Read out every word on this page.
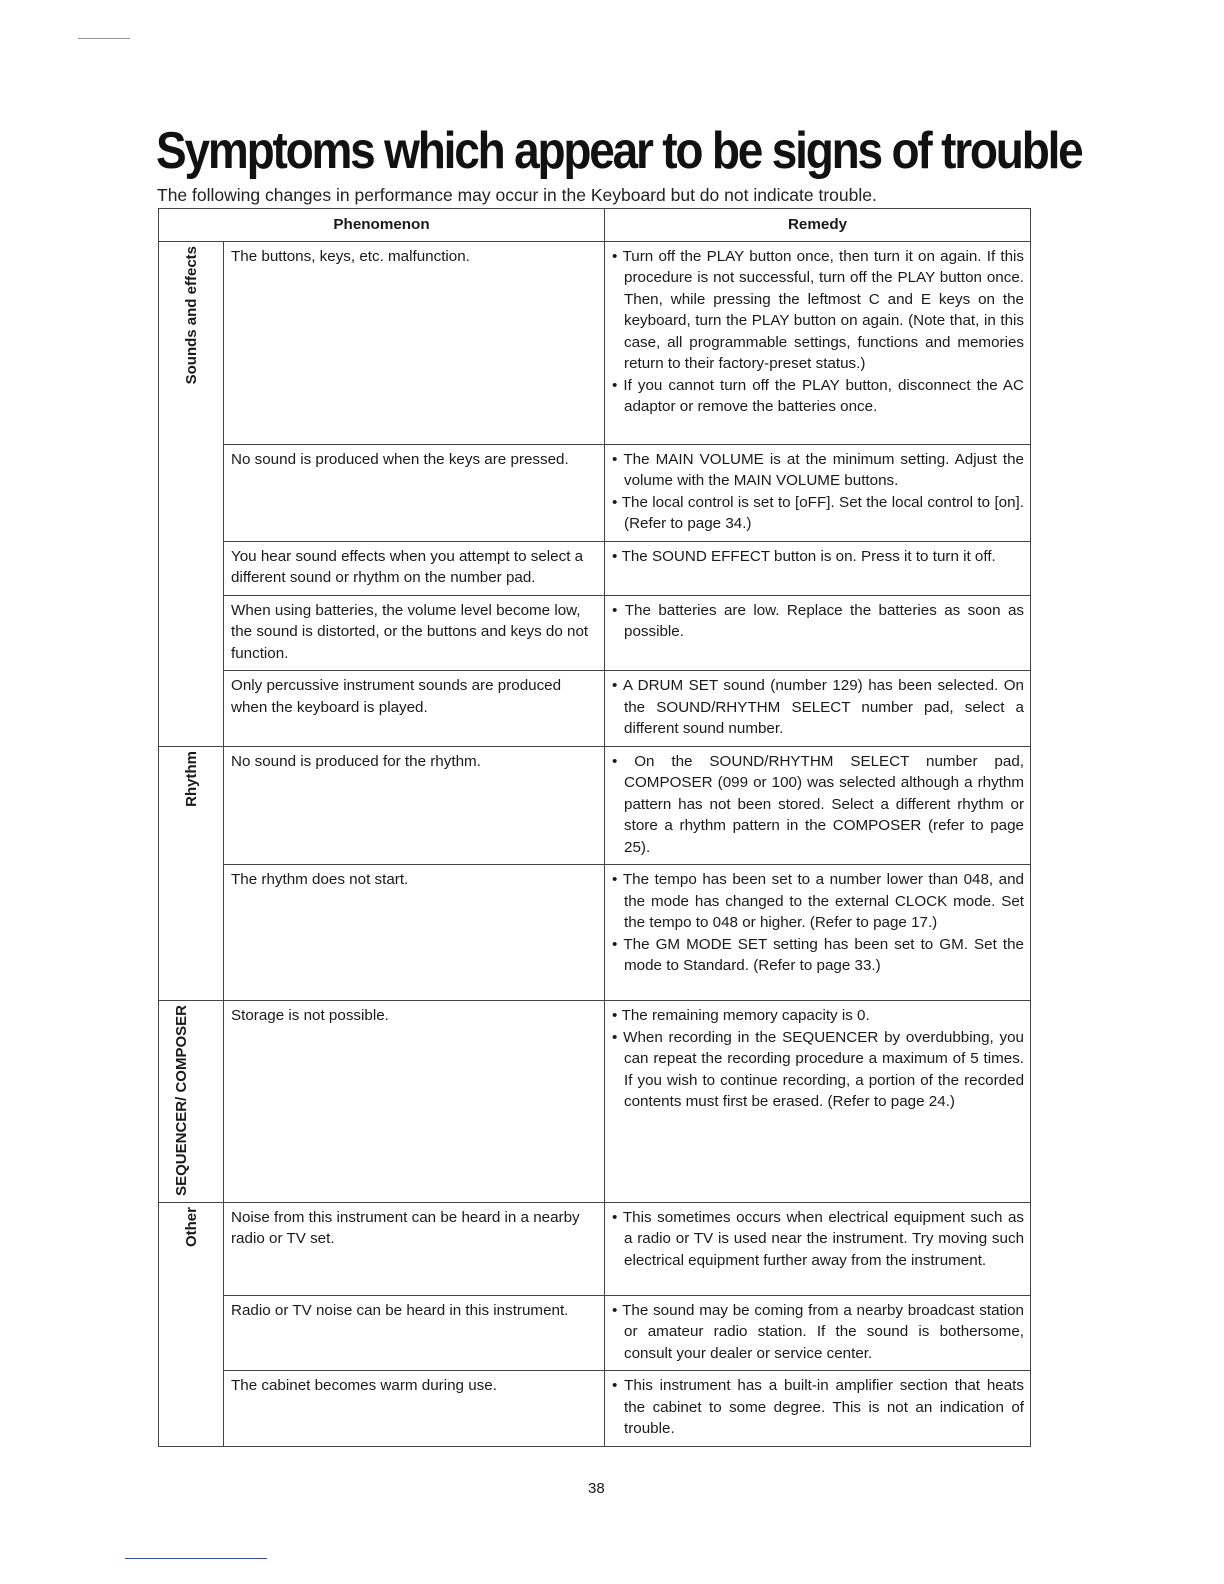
Symptoms which appear to be signs of trouble
The following changes in performance may occur in the Keyboard but do not indicate trouble.
Phenomenon		Remedy

Sounds and effects	The buttons, keys, etc. malfunction.	• Turn off the PLAY button once, then turn it on again. If this procedure is not successful, turn off the PLAY button once. Then, while pressing the leftmost C and E keys on the keyboard, turn the PLAY button on again. (Note that, in this case, all programmable settings, functions and memories return to their factory-preset status.)
• If you cannot turn off the PLAY button, disconnect the AC adaptor or remove the batteries once.

	No sound is produced when the keys are pressed.	• The MAIN VOLUME is at the minimum setting. Adjust the volume with the MAIN VOLUME buttons.
• The local control is set to [oFF]. Set the local control to [on]. (Refer to page 34.)

	You hear sound effects when you attempt to select a different sound or rhythm on the number pad.	• The SOUND EFFECT button is on. Press it to turn it off.

	When using batteries, the volume level become low, the sound is distorted, or the buttons and keys do not function.	• The batteries are low. Replace the batteries as soon as possible.

	Only percussive instrument sounds are produced when the keyboard is played.	• A DRUM SET sound (number 129) has been selected. On the SOUND/RHYTHM SELECT number pad, select a different sound number.

Rhythm	No sound is produced for the rhythm.	• On the SOUND/RHYTHM SELECT number pad, COMPOSER (099 or 100) was selected although a rhythm pattern has not been stored. Select a different rhythm or store a rhythm pattern in the COMPOSER (refer to page 25).

	The rhythm does not start.	• The tempo has been set to a number lower than 048, and the mode has changed to the external CLOCK mode. Set the tempo to 048 or higher. (Refer to page 17.)
• The GM MODE SET setting has been set to GM. Set the mode to Standard. (Refer to page 33.)

SEQUENCER/ COMPOSER	Storage is not possible.	• The remaining memory capacity is 0.
• When recording in the SEQUENCER by overdubbing, you can repeat the recording procedure a maximum of 5 times. If you wish to continue recording, a portion of the recorded contents must first be erased. (Refer to page 24.)

Other	Noise from this instrument can be heard in a nearby radio or TV set.	• This sometimes occurs when electrical equipment such as a radio or TV is used near the instrument. Try moving such electrical equipment further away from the instrument.

	Radio or TV noise can be heard in this instrument.	• The sound may be coming from a nearby broadcast station or amateur radio station. If the sound is bothersome, consult your dealer or service center.

	The cabinet becomes warm during use.	• This instrument has a built-in amplifier section that heats the cabinet to some degree. This is not an indication of trouble.
38
